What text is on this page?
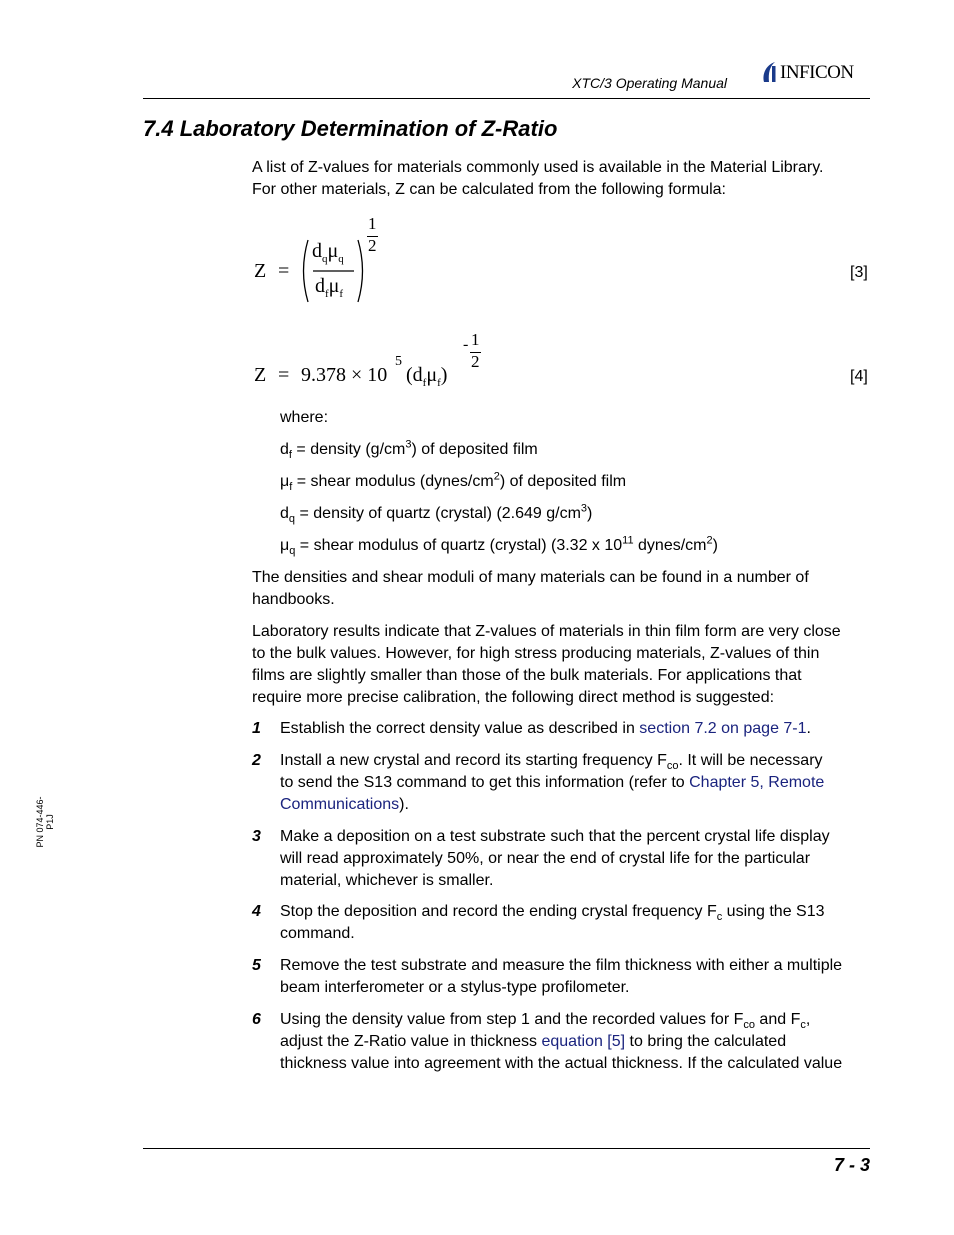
XTC/3 Operating Manual	INFICON
PN 074-446-P1J
7.4 Laboratory Determination of Z-Ratio

A list of Z-values for materials commonly used is available in the Material Library.

For other materials, Z can be calculated from the following formula:

Z =
$d_q\mu_q$
$d_f\mu_f$
1
2
[3]
Z = 9.378 × 10
5
$(d_f\mu_f)$
- 1
2
[4]

where:

$d_f$ = density $(g/cm^3)$ of deposited film

$\mu_f$ = shear modulus $(dynes/cm^2)$ of deposited film

$d_q$ = density of quartz (crystal) (2.649 $g/cm^3$)

$\mu_q$ = shear modulus of quartz (crystal) (3.32 x $10^{11}$ dynes/$cm^2$)

The densities and shear moduli of many materials can be found in a number of

handbooks.

Laboratory results indicate that Z-values of materials in thin film form are very close

to the bulk values. However, for high stress producing materials, Z-values of thin

films are slightly smaller than those of the bulk materials. For applications that

require more precise calibration, the following direct method is suggested:

1	Establish the correct density value as described in section 7.2 on page 7-1.

2	Install a new crystal and record its starting frequency $F_{co}$. It will be necessary

to send the S13 command to get this information (refer to Chapter 5, Remote

Communications).

3	Make a deposition on a test substrate such that the percent crystal life display

will read approximately 50%, or near the end of crystal life for the particular

material, whichever is smaller.

4	Stop the deposition and record the ending crystal frequency $F_c$ using the S13

command.

5	Remove the test substrate and measure the film thickness with either a multiple

beam interferometer or a stylus-type profilometer.

6	Using the density value from step 1 and the recorded values for $F_{co}$ and $F_c$,

adjust the Z-Ratio value in thickness equation [5] to bring the calculated

thickness value into agreement with the actual thickness. If the calculated value

7 - 3
